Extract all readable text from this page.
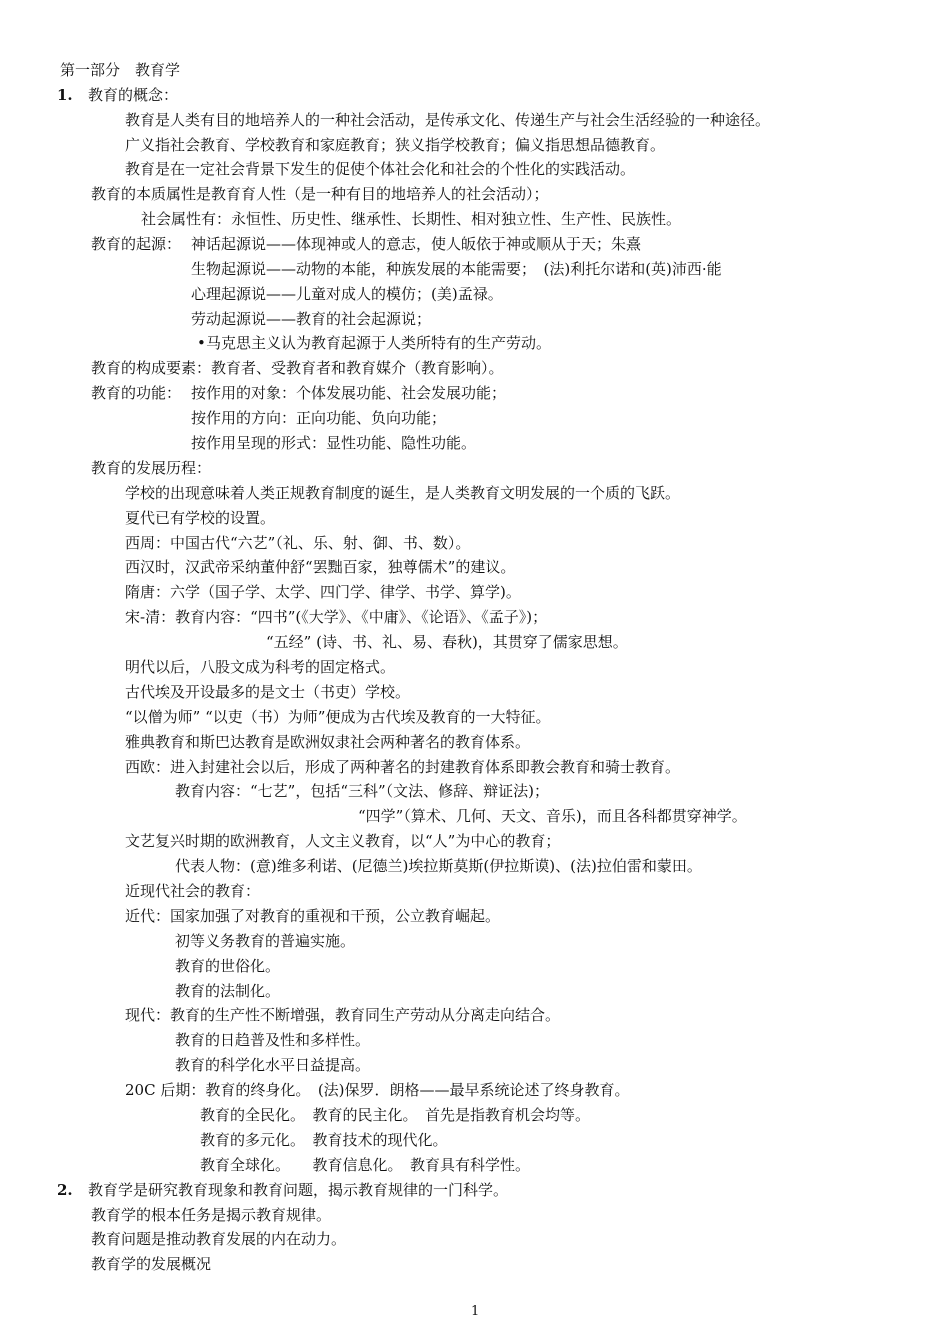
第一部分　教育学
1. 教育的概念：
教育是人类有目的地培养人的一种社会活动，是传承文化、传递生产与社会生活经验的一种途径。
广义指社会教育、学校教育和家庭教育；狭义指学校教育；偏义指思想品德教育。
教育是在一定社会背景下发生的促使个体社会化和社会的个性化的实践活动。
教育的本质属性是教育育人性（是一种有目的地培养人的社会活动）；
社会属性有：永恒性、历史性、继承性、长期性、相对独立性、生产性、民族性。
教育的起源： 神话起源说——体现神或人的意志，使人皈依于神或顺从于天；朱熹
生物起源说——动物的本能，种族发展的本能需要；　(法)利托尔诺和(英)沛西·能
心理起源说——儿童对成人的模仿；(美)孟禄。
劳动起源说——教育的社会起源说；
• 马克思主义认为教育起源于人类所特有的生产劳动。
教育的构成要素：教育者、受教育者和教育媒介（教育影响）。
教育的功能： 按作用的对象：个体发展功能、社会发展功能；
按作用的方向：正向功能、负向功能；
按作用呈现的形式：显性功能、隐性功能。
教育的发展历程：
学校的出现意味着人类正规教育制度的诞生，是人类教育文明发展的一个质的飞跃。
夏代已有学校的设置。
西周：中国古代“六艺”（礼、乐、射、御、书、数）。
西汉时，汉武帝采纳董仲舒“罢黜百家，独尊儒术”的建议。
隋唐：六学（国子学、太学、四门学、律学、书学、算学)。
宋-清：教育内容：“四书”(《大学》、《中庸》、《论语》、《孟子》)；
“五经” (诗、书、礼、易、春秋)，其贯穿了儒家思想。
明代以后，八股文成为科考的固定格式。
古代埃及开设最多的是文士（书吏）学校。
“以僧为师” “以吏（书）为师”便成为古代埃及教育的一大特征。
雅典教育和斯巴达教育是欧洲奴隶社会两种著名的教育体系。
西欧：进入封建社会以后，形成了两种著名的封建教育体系即教会教育和骑士教育。
教育内容：“七艺”，包括“三科”（文法、修辞、辩证法)；
“四学”（算术、几何、天文、音乐)，而且各科都贯穿神学。
文艺复兴时期的欧洲教育，人文主义教育，以“人”为中心的教育；
代表人物：(意)维多利诺、(尼德兰)埃拉斯莫斯(伊拉斯谟)、(法)拉伯雷和蒙田。
近现代社会的教育：
近代：国家加强了对教育的重视和干预，公立教育崛起。
初等义务教育的普遍实施。
教育的世俗化。
教育的法制化。
现代：教育的生产性不断增强，教育同生产劳动从分离走向结合。
教育的日趋普及性和多样性。
教育的科学化水平日益提高。
20C 后期：教育的终身化。　(法)保罗．朗格——最早系统论述了终身教育。
教育的全民化。　教育的民主化。　首先是指教育机会均等。
教育的多元化。　教育技术的现代化。
教育全球化。　　教育信息化。　教育具有科学性。
2. 教育学是研究教育现象和教育问题，揭示教育规律的一门科学。
教育学的根本任务是揭示教育规律。
教育问题是推动教育发展的内在动力。
教育学的发展概况
1
